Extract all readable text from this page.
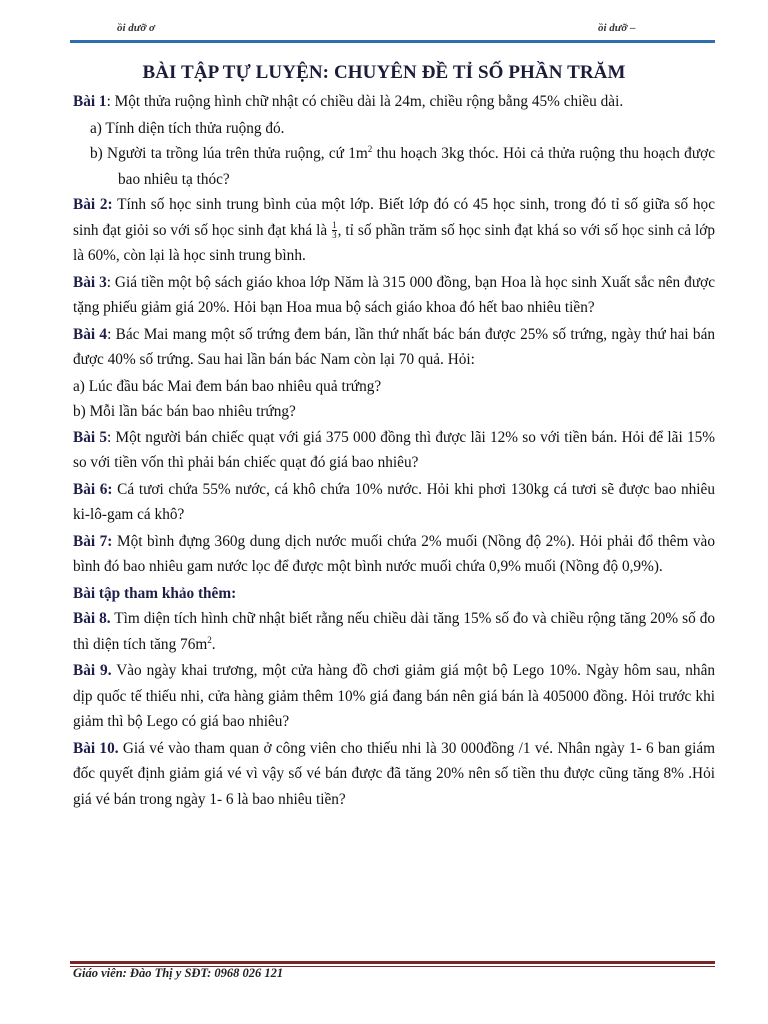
ồi dưỡ ơ	ồi dưỡ –
BÀI TẬP TỰ LUYỆN: CHUYÊN ĐỀ TỈ SỐ PHẦN TRĂM

Bài 1: Một thửa ruộng hình chữ nhật có chiều dài là 24m, chiều rộng bằng 45% chiều dài.

a) Tính diện tích thửa ruộng đó.

b) Người ta trồng lúa trên thửa ruộng, cứ $1m^2$ thu hoạch 3kg thóc. Hỏi cả thửa ruộng thu hoạch được bao nhiêu tạ thóc?

Bài 2: Tính số học sinh trung bình của một lớp. Biết lớp đó có 45 học sinh, trong đó tỉ số giữa số học sinh đạt giỏi so với số học sinh đạt khá là $\frac{1}{3}$ , tỉ số phần trăm số học sinh đạt khá so với số học sinh cả lớp là 60%, còn lại là học sinh trung bình.

Bài 3: Giá tiền một bộ sách giáo khoa lớp Năm là 315 000 đồng, bạn Hoa là học sinh Xuất sắc nên được tặng phiếu giảm giá 20%. Hỏi bạn Hoa mua bộ sách giáo khoa đó hết bao nhiêu tiền?

Bài 4: Bác Mai mang một số trứng đem bán, lần thứ nhất bác bán được 25% số trứng, ngày thứ hai bán được 40% số trứng. Sau hai lần bán bác Nam còn lại 70 quả. Hỏi:

a) Lúc đầu bác Mai đem bán bao nhiêu quả trứng?

b) Mỗi lần bác bán bao nhiêu trứng?

Bài 5: Một người bán chiếc quạt với giá 375 000 đồng thì được lãi 12% so với tiền bán. Hỏi để lãi 15% so với tiền vốn thì phải bán chiếc quạt đó giá bao nhiêu?

Bài 6: Cá tươi chứa 55% nước, cá khô chứa 10% nước. Hỏi khi phơi 130kg cá tươi sẽ được bao nhiêu ki-lô-gam cá khô?

Bài 7: Một bình đựng 360g dung dịch nước muối chứa 2% muối (Nồng độ 2%). Hỏi phải đổ thêm vào bình đó bao nhiêu gam nước lọc để được một bình nước muối chứa 0,9% muối (Nồng độ 0,9%).

Bài tập tham khảo thêm:

Bài 8. Tìm diện tích hình chữ nhật biết rằng nếu chiều dài tăng 15% số đo và chiều rộng tăng 20% số đo thì diện tích tăng $76m^2$.

Bài 9. Vào ngày khai trương, một cửa hàng đồ chơi giảm giá một bộ Lego 10%. Ngày hôm sau, nhân dịp quốc tế thiếu nhi, cửa hàng giảm thêm 10% giá đang bán nên giá bán là 405000 đồng. Hỏi trước khi giảm thì bộ Lego có giá bao nhiêu?

Bài 10. Giá vé vào tham quan ở công viên cho thiếu nhi là 30 000đồng /1 vé. Nhân ngày 1- 6 ban giám đốc quyết định giảm giá vé vì vậy số vé bán được đã tăng 20% nên số tiền thu được cũng tăng 8% .Hỏi giá vé bán trong ngày 1- 6 là bao nhiêu tiền?

Giáo viên: Đào Thị y SĐT: 0968 026 121
